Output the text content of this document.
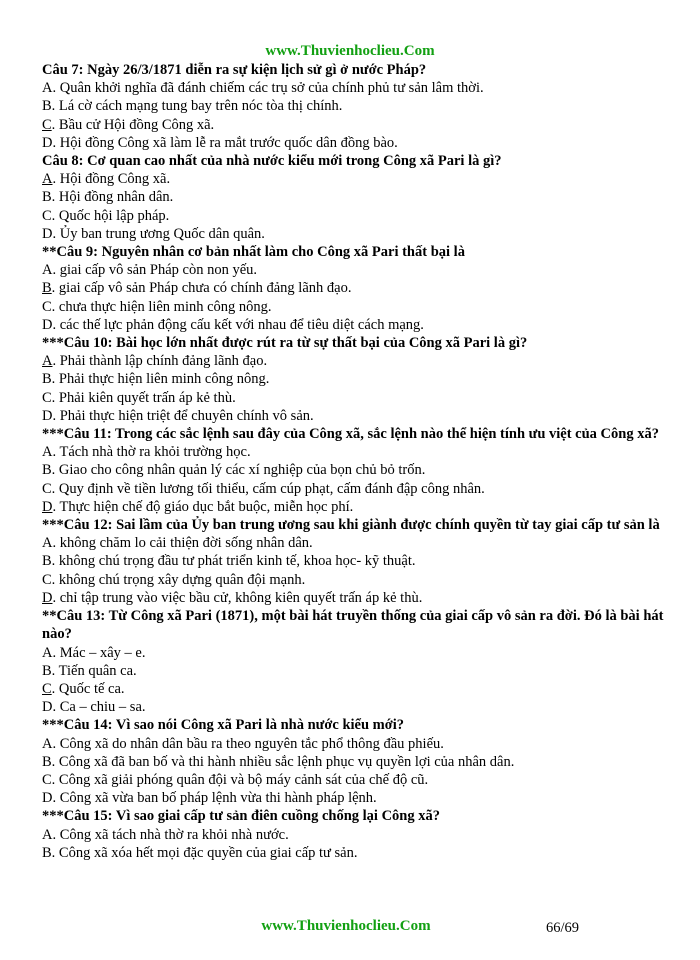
www.Thuvienhoclieu.Com
Câu 7: Ngày 26/3/1871 diễn ra sự kiện lịch sử gì ở nước Pháp?
A. Quân khởi nghĩa đã đánh chiếm các trụ sở của chính phủ tư sản lâm thời.
B. Lá cờ cách mạng tung bay trên nóc tòa thị chính.
C. Bầu cử Hội đồng Công xã.
D. Hội đồng Công xã làm lễ ra mắt trước quốc dân đồng bào.
Câu 8: Cơ quan cao nhất của nhà nước kiểu mới trong Công xã Pari là gì?
A. Hội đồng Công xã.
B. Hội đồng nhân dân.
C. Quốc hội lập pháp.
D. Ủy ban trung ương Quốc dân quân.
**Câu 9: Nguyên nhân cơ bản nhất làm cho Công xã Pari thất bại là
A. giai cấp vô sản Pháp còn non yếu.
B. giai cấp vô sản Pháp chưa có chính đảng lãnh đạo.
C. chưa thực hiện liên minh công nông.
D. các thế lực phản động cấu kết với nhau để tiêu diệt cách mạng.
***Câu 10: Bài học lớn nhất được rút ra từ sự thất bại của Công xã Pari là gì?
A. Phải thành lập chính đảng lãnh đạo.
B. Phải thực hiện liên minh công nông.
C. Phải kiên quyết trấn áp kẻ thù.
D. Phải thực hiện triệt để chuyên chính vô sản.
***Câu 11: Trong các sắc lệnh sau đây của Công xã, sắc lệnh nào thể hiện tính ưu việt của Công xã?
A. Tách nhà thờ ra khỏi trường học.
B. Giao cho công nhân quản lý các xí nghiệp của bọn chủ bỏ trốn.
C. Quy định về tiền lương tối thiểu, cấm cúp phạt, cấm đánh đập công nhân.
D. Thực hiện chế độ giáo dục bắt buộc, miễn học phí.
***Câu 12: Sai lầm của Ủy ban trung ương sau khi giành được chính quyền từ tay giai cấp tư sản là
A. không chăm lo cải thiện đời sống nhân dân.
B. không chú trọng đầu tư phát triển kinh tế, khoa học- kỹ thuật.
C. không chú trọng xây dựng quân đội mạnh.
D. chỉ tập trung vào việc bầu cử, không kiên quyết trấn áp kẻ thù.
**Câu 13: Từ Công xã Pari (1871), một bài hát truyền thống của giai cấp vô sản ra đời. Đó là bài hát nào?
A. Mác – xây – e.
B. Tiến quân ca.
C. Quốc tế ca.
D. Ca – chiu – sa.
***Câu 14: Vì sao nói Công xã Pari là nhà nước kiểu mới?
A. Công xã do nhân dân bầu ra theo nguyên tắc phổ thông đầu phiếu.
B. Công xã đã ban bố và thi hành nhiều sắc lệnh phục vụ quyền lợi của nhân dân.
C. Công xã giải phóng quân đội và bộ máy cảnh sát của chế độ cũ.
D. Công xã vừa ban bố pháp lệnh vừa thi hành pháp lệnh.
***Câu 15: Vì sao giai cấp tư sản điên cuồng chống lại Công xã?
A. Công xã tách nhà thờ ra khỏi nhà nước.
B. Công xã xóa hết mọi đặc quyền của giai cấp tư sản.
www.Thuvienhoclieu.Com	66/69
